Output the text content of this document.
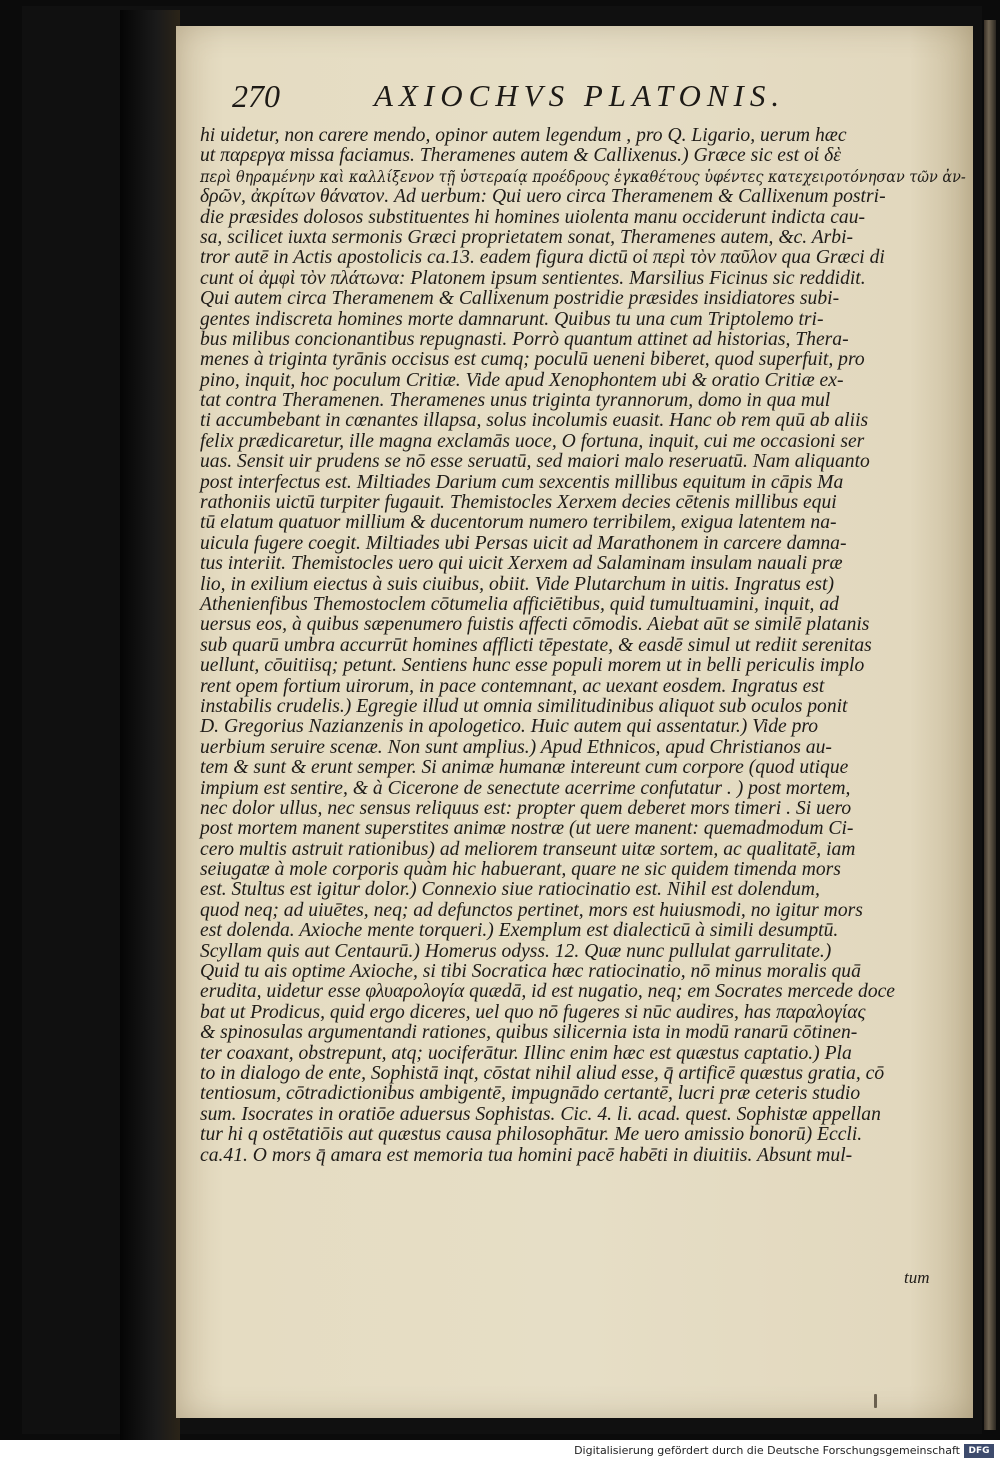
270	AXIOCHVS PLATONIS.
hi uidetur, non carere mendo, opinor autem legendum , pro Q. Ligario, uerum hæc
ut παρεργα missa faciamus. Theramenes autem & Callixenus.) Græce sic est οἱ δὲ
περὶ θηραμένην καὶ καλλίξενον τῇ ὑστεραίᾳ προέδρους ἐγκαθέτους ὑφέντες κατεχειροτόνησαν τῶν ἀν-
δρῶν, ἀκρίτων θάνατον. Ad uerbum: Qui uero circa Theramenem & Callixenum postri-
die præsides dolosos substituentes hi homines uiolenta manu occiderunt indicta cau-
sa, scilicet iuxta sermonis Græci proprietatem sonat, Theramenes autem, &c. Arbi-
tror autē in Actis apostolicis ca.13. eadem figura dictū οἱ περὶ τὸν παῦλον qua Græci di
cunt οἱ ἀμφὶ τὸν πλάτωνα: Platonem ipsum sentientes. Marsilius Ficinus sic reddidit.
Qui autem circa Theramenem & Callixenum postridie præsides insidiatores subi-
gentes indiscreta homines morte damnarunt. Quibus tu una cum Triptolemo tri-
bus milibus concionantibus repugnasti. Porrò quantum attinet ad historias, Thera-
menes à triginta tyrānis occisus est cumq; poculū ueneni biberet, quod superfuit, pro
pino, inquit, hoc poculum Critiæ. Vide apud Xenophontem ubi & oratio Critiæ ex-
tat contra Theramenen. Theramenes unus triginta tyrannorum, domo in qua mul
ti accumbebant in cœnantes illapsa, solus incolumis euasit. Hanc ob rem quū ab aliis
felix prædicaretur, ille magna exclamās uoce, O fortuna, inquit, cui me occasioni ser
uas. Sensit uir prudens se nō esse seruatū, sed maiori malo reseruatū. Nam aliquanto
post interfectus est. Miltiades Darium cum sexcentis millibus equitum in cāpis Ma
rathoniis uictū turpiter fugauit. Themistocles Xerxem decies cētenis millibus equi
tū elatum quatuor millium & ducentorum numero terribilem, exigua latentem na-
uicula fugere coegit. Miltiades ubi Persas uicit ad Marathonem in carcere damna-
tus interiit. Themistocles uero qui uicit Xerxem ad Salaminam insulam nauali præ
lio, in exilium eiectus à suis ciuibus, obiit. Vide Plutarchum in uitis. Ingratus est)
Athenienfibus Themostoclem cōtumelia afficiētibus, quid tumultuamini, inquit, ad
uersus eos, à quibus sæpenumero fuistis affecti cōmodis. Aiebat aūt se similē platanis
sub quarū umbra accurrūt homines afflicti tēpestate, & easdē simul ut rediit serenitas
uellunt, cōuitiisq; petunt. Sentiens hunc esse populi morem ut in belli periculis implo
rent opem fortium uirorum, in pace contemnant, ac uexant eosdem. Ingratus est
instabilis crudelis.) Egregie illud ut omnia similitudinibus aliquot sub oculos ponit
D. Gregorius Nazianzenis in apologetico. Huic autem qui assentatur.) Vide pro
uerbium seruire scenæ. Non sunt amplius.) Apud Ethnicos, apud Christianos au-
tem & sunt & erunt semper. Si animæ humanæ intereunt cum corpore (quod utique
impium est sentire, & à Cicerone de senectute acerrime confutatur . ) post mortem,
nec dolor ullus, nec sensus reliquus est: propter quem deberet mors timeri . Si uero
post mortem manent superstites animæ nostræ (ut uere manent: quemadmodum Ci-
cero multis astruit rationibus) ad meliorem transeunt uitæ sortem, ac qualitatē, iam
seiugatæ à mole corporis quàm hic habuerant, quare ne sic quidem timenda mors
est. Stultus est igitur dolor.) Connexio siue ratiocinatio est. Nihil est dolendum,
quod neq; ad uiuētes, neq; ad defunctos pertinet, mors est huiusmodi, no igitur mors
est dolenda. Axioche mente torqueri.) Exemplum est dialecticū à simili desumptū.
Scyllam quis aut Centaurū.) Homerus odyss. 12. Quæ nunc pullulat garrulitate.)
Quid tu ais optime Axioche, si tibi Socratica hæc ratiocinatio, nō minus moralis quā
erudita, uidetur esse φλυαρολογία quædā, id est nugatio, neq; em Socrates mercede doce
bat ut Prodicus, quid ergo diceres, uel quo nō fugeres si nūc audires, has παραλογίας
& spinosulas argumentandi rationes, quibus silicernia ista in modū ranarū cōtinen-
ter coaxant, obstrepunt, atq; uociferātur. Illinc enim hæc est quæstus captatio.) Pla
to in dialogo de ente, Sophistā inqt, cōstat nihil aliud esse, q̄ artificē quæstus gratia, cō
tentiosum, cōtradictionibus ambigentē, impugnādo certantē, lucri præ ceteris studio
sum. Isocrates in oratiōe aduersus Sophistas. Cic. 4. li. acad. quest. Sophistæ appellan
tur hi q ostētatiōis aut quæstus causa philosophātur. Me uero amissio bonorū) Eccli.
ca.41. O mors q̄ amara est memoria tua homini pacē habēti in diuitiis. Absunt mul-
tum
Digitalisierung gefördert durch die Deutsche Forschungsgemeinschaft DFG
